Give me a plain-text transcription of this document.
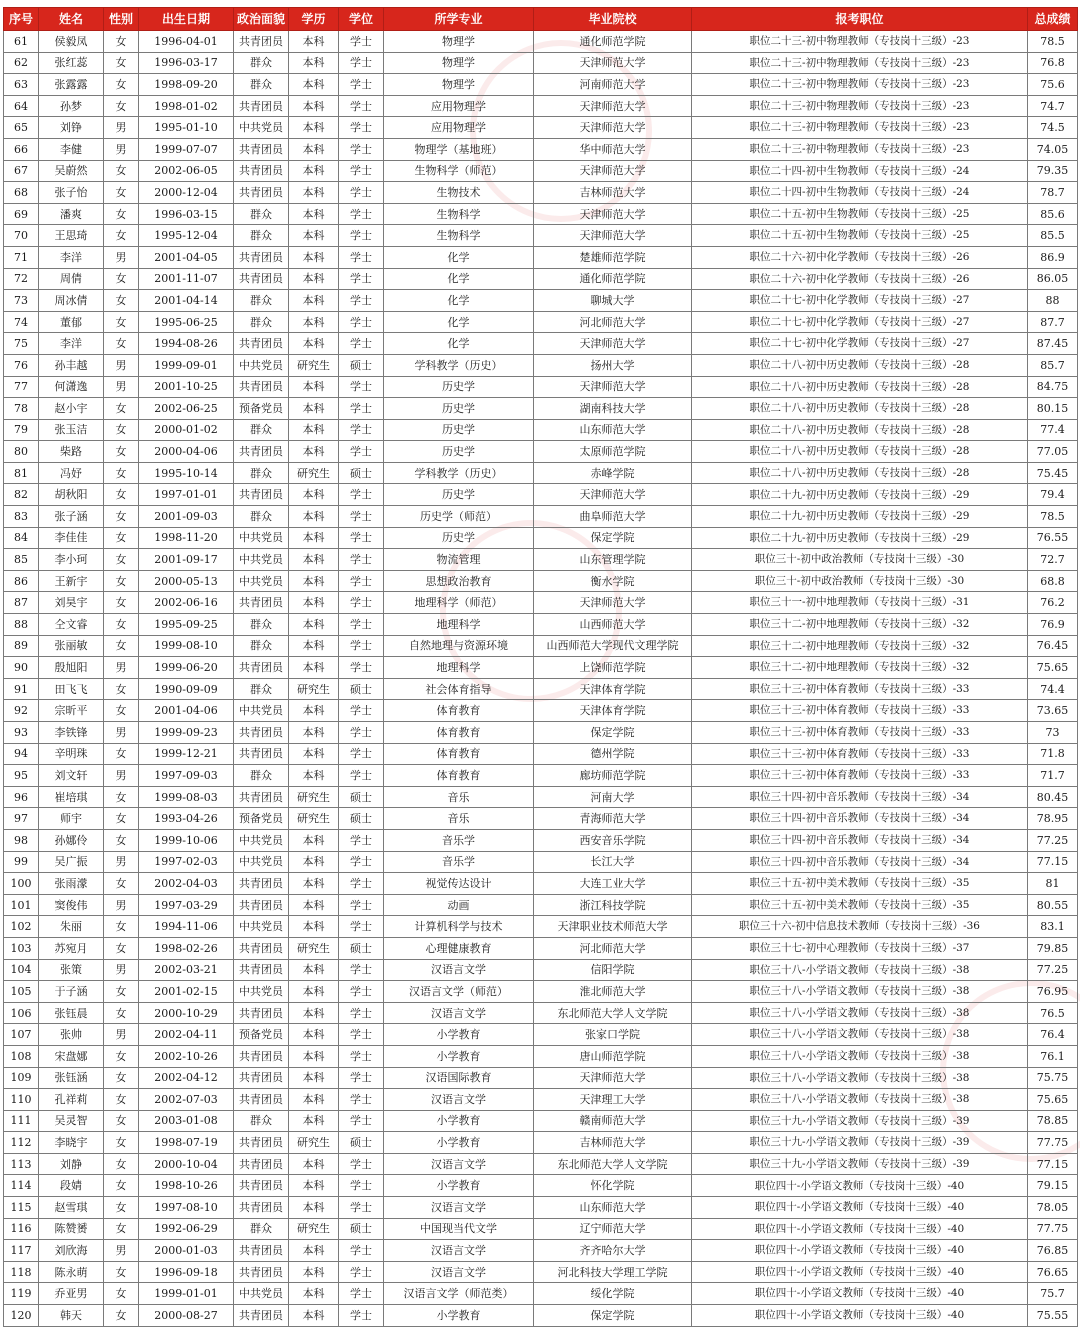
序号	姓名	性别	出生日期	政治面貌	学历	学位	所学专业	毕业院校	报考职位	总成绩
61	侯毅凤	女	1996-04-01	共青团员	本科	学士	物理学	通化师范学院	职位二十三-初中物理教师（专技岗十三级）-23	78.5
62	张红蕊	女	1996-03-17	群众	本科	学士	物理学	天津师范大学	职位二十三-初中物理教师（专技岗十三级）-23	76.8
63	张露露	女	1998-09-20	群众	本科	学士	物理学	河南师范大学	职位二十三-初中物理教师（专技岗十三级）-23	75.6
64	孙梦	女	1998-01-02	共青团员	本科	学士	应用物理学	天津师范大学	职位二十三-初中物理教师（专技岗十三级）-23	74.7
65	刘铮	男	1995-01-10	中共党员	本科	学士	应用物理学	天津师范大学	职位二十三-初中物理教师（专技岗十三级）-23	74.5
66	李健	男	1999-07-07	共青团员	本科	学士	物理学（基地班）	华中师范大学	职位二十三-初中物理教师（专技岗十三级）-23	74.05
67	吴蔚然	女	2002-06-05	共青团员	本科	学士	生物科学（师范）	天津师范大学	职位二十四-初中生物教师（专技岗十三级）-24	79.35
68	张子怡	女	2000-12-04	共青团员	本科	学士	生物技术	吉林师范大学	职位二十四-初中生物教师（专技岗十三级）-24	78.7
69	潘爽	女	1996-03-15	群众	本科	学士	生物科学	天津师范大学	职位二十五-初中生物教师（专技岗十三级）-25	85.6
70	王思琦	女	1995-12-04	群众	本科	学士	生物科学	天津师范大学	职位二十五-初中生物教师（专技岗十三级）-25	85.5
71	李洋	男	2001-04-05	共青团员	本科	学士	化学	楚雄师范学院	职位二十六-初中化学教师（专技岗十三级）-26	86.9
72	周倩	女	2001-11-07	共青团员	本科	学士	化学	通化师范学院	职位二十六-初中化学教师（专技岗十三级）-26	86.05
73	周冰倩	女	2001-04-14	群众	本科	学士	化学	聊城大学	职位二十七-初中化学教师（专技岗十三级）-27	88
74	董郁	女	1995-06-25	群众	本科	学士	化学	河北师范大学	职位二十七-初中化学教师（专技岗十三级）-27	87.7
75	李洋	女	1994-08-26	共青团员	本科	学士	化学	天津师范大学	职位二十七-初中化学教师（专技岗十三级）-27	87.45
76	孙丰越	男	1999-09-01	中共党员	研究生	硕士	学科教学（历史）	扬州大学	职位二十八-初中历史教师（专技岗十三级）-28	85.7
77	何潇逸	男	2001-10-25	共青团员	本科	学士	历史学	天津师范大学	职位二十八-初中历史教师（专技岗十三级）-28	84.75
78	赵小宇	女	2002-06-25	预备党员	本科	学士	历史学	湖南科技大学	职位二十八-初中历史教师（专技岗十三级）-28	80.15
79	张玉洁	女	2000-01-02	群众	本科	学士	历史学	山东师范大学	职位二十八-初中历史教师（专技岗十三级）-28	77.4
80	柴路	女	2000-04-06	共青团员	本科	学士	历史学	太原师范学院	职位二十八-初中历史教师（专技岗十三级）-28	77.05
81	冯妤	女	1995-10-14	群众	研究生	硕士	学科教学（历史）	赤峰学院	职位二十八-初中历史教师（专技岗十三级）-28	75.45
82	胡秋阳	女	1997-01-01	共青团员	本科	学士	历史学	天津师范大学	职位二十九-初中历史教师（专技岗十三级）-29	79.4
83	张子涵	女	2001-09-03	群众	本科	学士	历史学（师范）	曲阜师范大学	职位二十九-初中历史教师（专技岗十三级）-29	78.5
84	李佳佳	女	1998-11-20	中共党员	本科	学士	历史学	保定学院	职位二十九-初中历史教师（专技岗十三级）-29	76.55
85	李小珂	女	2001-09-17	中共党员	本科	学士	物流管理	山东管理学院	职位三十-初中政治教师（专技岗十三级）-30	72.7
86	王新宇	女	2000-05-13	中共党员	本科	学士	思想政治教育	衡水学院	职位三十-初中政治教师（专技岗十三级）-30	68.8
87	刘昊宇	女	2002-06-16	共青团员	本科	学士	地理科学（师范）	天津师范大学	职位三十一-初中地理教师（专技岗十三级）-31	76.2
88	仝文睿	女	1995-09-25	群众	本科	学士	地理科学	山西师范大学	职位三十二-初中地理教师（专技岗十三级）-32	76.9
89	张丽敏	女	1999-08-10	群众	本科	学士	自然地理与资源环境	山西师范大学现代文理学院	职位三十二-初中地理教师（专技岗十三级）-32	76.45
90	殷旭阳	男	1999-06-20	共青团员	本科	学士	地理科学	上饶师范学院	职位三十二-初中地理教师（专技岗十三级）-32	75.65
91	田飞飞	女	1990-09-09	群众	研究生	硕士	社会体育指导	天津体育学院	职位三十三-初中体育教师（专技岗十三级）-33	74.4
92	宗昕平	女	2001-04-06	中共党员	本科	学士	体育教育	天津体育学院	职位三十三-初中体育教师（专技岗十三级）-33	73.65
93	李铁锋	男	1999-09-23	共青团员	本科	学士	体育教育	保定学院	职位三十三-初中体育教师（专技岗十三级）-33	73
94	辛明珠	女	1999-12-21	共青团员	本科	学士	体育教育	德州学院	职位三十三-初中体育教师（专技岗十三级）-33	71.8
95	刘文轩	男	1997-09-03	群众	本科	学士	体育教育	廊坊师范学院	职位三十三-初中体育教师（专技岗十三级）-33	71.7
96	崔培琪	女	1999-08-03	共青团员	研究生	硕士	音乐	河南大学	职位三十四-初中音乐教师（专技岗十三级）-34	80.45
97	师宇	女	1993-04-26	预备党员	研究生	硕士	音乐	青海师范大学	职位三十四-初中音乐教师（专技岗十三级）-34	78.95
98	孙娜伶	女	1999-10-06	中共党员	本科	学士	音乐学	西安音乐学院	职位三十四-初中音乐教师（专技岗十三级）-34	77.25
99	吴广振	男	1997-02-03	中共党员	本科	学士	音乐学	长江大学	职位三十四-初中音乐教师（专技岗十三级）-34	77.15
100	张雨濛	女	2002-04-03	共青团员	本科	学士	视觉传达设计	大连工业大学	职位三十五-初中美术教师（专技岗十三级）-35	81
101	窦俊伟	男	1997-03-29	共青团员	本科	学士	动画	浙江科技学院	职位三十五-初中美术教师（专技岗十三级）-35	80.55
102	朱丽	女	1994-11-06	中共党员	本科	学士	计算机科学与技术	天津职业技术师范大学	职位三十六-初中信息技术教师（专技岗十三级）-36	83.1
103	苏宛月	女	1998-02-26	共青团员	研究生	硕士	心理健康教育	河北师范大学	职位三十七-初中心理教师（专技岗十三级）-37	79.85
104	张策	男	2002-03-21	共青团员	本科	学士	汉语言文学	信阳学院	职位三十八-小学语文教师（专技岗十三级）-38	77.25
105	于子涵	女	2001-02-15	中共党员	本科	学士	汉语言文学（师范）	淮北师范大学	职位三十八-小学语文教师（专技岗十三级）-38	76.95
106	张钰晨	女	2000-10-29	共青团员	本科	学士	汉语言文学	东北师范大学人文学院	职位三十八-小学语文教师（专技岗十三级）-38	76.5
107	张帅	男	2002-04-11	预备党员	本科	学士	小学教育	张家口学院	职位三十八-小学语文教师（专技岗十三级）-38	76.4
108	宋盘娜	女	2002-10-26	共青团员	本科	学士	小学教育	唐山师范学院	职位三十八-小学语文教师（专技岗十三级）-38	76.1
109	张钰涵	女	2002-04-12	共青团员	本科	学士	汉语国际教育	天津师范大学	职位三十八-小学语文教师（专技岗十三级）-38	75.75
110	孔祥莉	女	2002-07-03	共青团员	本科	学士	汉语言文学	天津理工大学	职位三十八-小学语文教师（专技岗十三级）-38	75.65
111	吴灵智	女	2003-01-08	群众	本科	学士	小学教育	赣南师范大学	职位三十九-小学语文教师（专技岗十三级）-39	78.85
112	李晓宇	女	1998-07-19	共青团员	研究生	硕士	小学教育	吉林师范大学	职位三十九-小学语文教师（专技岗十三级）-39	77.75
113	刘静	女	2000-10-04	共青团员	本科	学士	汉语言文学	东北师范大学人文学院	职位三十九-小学语文教师（专技岗十三级）-39	77.15
114	段婧	女	1998-10-26	共青团员	本科	学士	小学教育	怀化学院	职位四十-小学语文教师（专技岗十三级）-40	79.15
115	赵雪琪	女	1997-08-10	共青团员	本科	学士	汉语言文学	山东师范大学	职位四十-小学语文教师（专技岗十三级）-40	78.05
116	陈赞赟	女	1992-06-29	群众	研究生	硕士	中国现当代文学	辽宁师范大学	职位四十-小学语文教师（专技岗十三级）-40	77.75
117	刘欣海	男	2000-01-03	共青团员	本科	学士	汉语言文学	齐齐哈尔大学	职位四十-小学语文教师（专技岗十三级）-40	76.85
118	陈永萌	女	1996-09-18	共青团员	本科	学士	汉语言文学	河北科技大学理工学院	职位四十-小学语文教师（专技岗十三级）-40	76.65
119	乔亚男	女	1999-01-01	中共党员	本科	学士	汉语言文学（师范类）	绥化学院	职位四十-小学语文教师（专技岗十三级）-40	75.7
120	韩天	女	2000-08-27	共青团员	本科	学士	小学教育	保定学院	职位四十-小学语文教师（专技岗十三级）-40	75.55
